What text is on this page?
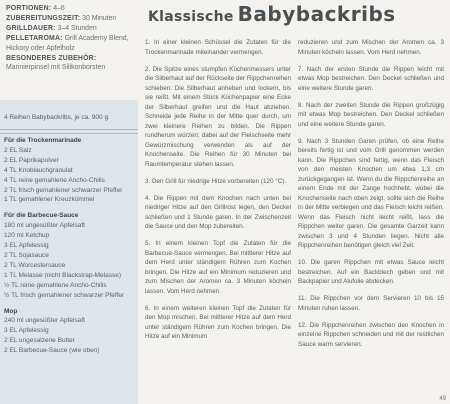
PORTIONEN: 4–6
ZUBEREITUNGSZEIT: 30 Minuten
GRILLDAUER: 3–4 Stunden
PELLETAROMA: Grill Academy Blend,
Hickory oder Apfelholz
BESONDERES ZUBEHÖR:
Marinierpinsel mit Silikonborsten
4 Reihen Babybackribs, je ca. 900 g
Für die Trockenmarinade
2 EL Salz
2 EL Paprikapulver
4 TL Knoblauchgranulat
4 TL reine gemahlene Ancho-Chilis
2 TL frisch gemahlener schwarzer Pfeffer
1 TL gemahlener Kreuzkümmel
Für die Barbecue-Sauce
180 ml ungesüßter Apfelsaft
120 ml Ketchup
3 EL Apfelessig
2 TL Sojasauce
2 TL Worcestersauce
1 TL Melasse (nicht Blackstrap-Melasse)
½ TL reine gemahlene Ancho-Chilis
½ TL frisch gemahlener schwarzer Pfeffer
Mop
240 ml ungesüßter Apfelsaft
3 EL Apfelessig
2 EL ungesalzene Butter
2 EL Barbecue-Sauce (wie oben)
Klassische Babybackribs

1. In einer kleinen Schüssel die Zutaten für die Trockenmarinade miteinander vermengen.

2. Die Spitze eines stumpfen Küchenmessers unter die Silberhaut auf der Rückseite der Rippchenreihen schieben. Die Silberhaut anheben und lockern, bis sie reißt. Mit einem Stück Küchenpapier eine Ecke der Silberhaut greifen und die Haut abziehen. Schneide jede Reihe in der Mitte quer durch, um zwei kleinere Reihen zu bilden. Die Rippen rundherum würzen; dabei auf der Fleischseite mehr Gewürzmischung verwenden als auf der Knochenseite. Die Reihen für 30 Minuten bei Raumtemperatur stehen lassen.

3. Den Grill für niedrige Hitze vorbereiten (120 °C).

4. Die Rippen mit dem Knochen nach unten bei niedriger Hitze auf den Grillrost legen, den Deckel schließen und 1 Stunde garen. In der Zwischenzeit die Sauce und den Mop zubereiten.

5. In einem kleinen Topf die Zutaten für die Barbecue-Sauce vermengen. Bei mittlerer Hitze auf dem Herd unter ständigem Rühren zum Kochen bringen. Die Hitze auf ein Minimum reduzieren und zum Mischen der Aromen ca. 3 Minuten köcheln lassen. Vom Herd nehmen.

6. In einem weiteren kleinen Topf die Zutaten für den Mop mischen. Bei mittlerer Hitze auf dem Herd unter ständigem Rühren zum Kochen bringen. Die Hitze auf ein Minimum

reduzieren und zum Mischen der Aromen ca. 3 Minuten köcheln lassen. Vom Herd nehmen.

7. Nach der ersten Stunde die Rippen leicht mit etwas Mop bestreichen. Den Deckel schließen und eine weitere Stunde garen.

8. Nach der zweiten Stunde die Rippen großzügig mit etwas Mop bestreichen. Den Deckel schließen und eine weitere Stunde garen.

9. Nach 3 Stunden Garen prüfen, ob eine Reihe bereits fertig ist und vom Grill genommen werden kann. Die Rippchen sind fertig, wenn das Fleisch von den meisten Knochen um etwa 1,3 cm zurückgegangen ist. Wenn du die Rippchenreihe an einem Ende mit der Zange hochhebt, wobei die Knochenseite nach oben zeigt, sollte sich die Reihe in der Mitte verbiegen und das Fleisch leicht reißen. Wenn das Fleisch nicht leicht reißt, lass die Rippchen weiter garen. Die gesamte Garzeit kann zwischen 3 und 4 Stunden liegen. Nicht alle Rippchenreihen benötigen gleich viel Zeit.

10. Die garen Rippchen mit etwas Sauce leicht bestreichen. Auf ein Backblech geben und mit Backpapier und Alufolie abdecken.

11. Die Rippchen vor dem Servieren 10 bis 15 Minuten ruhen lassen.

12. Die Rippchenreihen zwischen den Knochen in einzelne Rippchen schneiden und mit der restlichen Sauce warm servieren.

49
